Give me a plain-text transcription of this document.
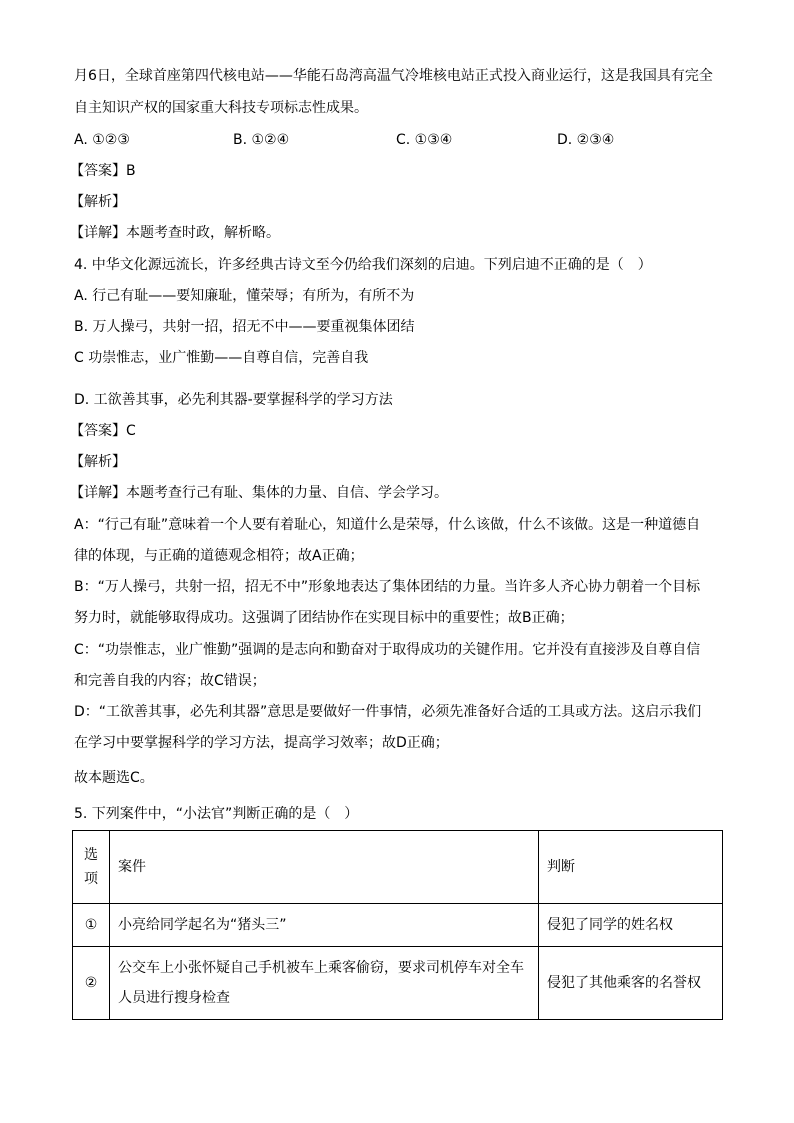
月6日，全球首座第四代核电站——华能石岛湾高温气冷堆核电站正式投入商业运行，这是我国具有完全
自主知识产权的国家重大科技专项标志性成果。
A. ①②③	B. ①②④	C. ①③④	D. ②③④
【答案】B
【解析】
【详解】本题考查时政，解析略。
4. 中华文化源远流长，许多经典古诗文至今仍给我们深刻的启迪。下列启迪不正确的是（　）
A. 行己有耻——要知廉耻，懂荣辱；有所为，有所不为
B. 万人操弓，共射一招，招无不中——要重视集体团结
C 功崇惟志，业广惟勤——自尊自信，完善自我
D. 工欲善其事，必先利其器-要掌握科学的学习方法
【答案】C
【解析】
【详解】本题考查行己有耻、集体的力量、自信、学会学习。
A：“行己有耻”意味着一个人要有着耻心，知道什么是荣辱，什么该做，什么不该做。这是一种道德自
律的体现，与正确的道德观念相符；故A正确；
B：“万人操弓，共射一招，招无不中”形象地表达了集体团结的力量。当许多人齐心协力朝着一个目标
努力时，就能够取得成功。这强调了团结协作在实现目标中的重要性；故B正确；
C：“功崇惟志，业广惟勤”强调的是志向和勤奋对于取得成功的关键作用。它并没有直接涉及自尊自信
和完善自我的内容；故C错误；
D：“工欲善其事，必先利其器”意思是要做好一件事情，必须先准备好合适的工具或方法。这启示我们
在学习中要掌握科学的学习方法，提高学习效率；故D正确；
故本题选C。
5. 下列案件中，“小法官”判断正确的是（　）
选项	案件	判断
①	小亮给同学起名为“猪头三”	侵犯了同学的姓名权
②	公交车上小张怀疑自己手机被车上乘客偷窃，要求司机停车对全车人员进行搜身检查	侵犯了其他乘客的名誉权
